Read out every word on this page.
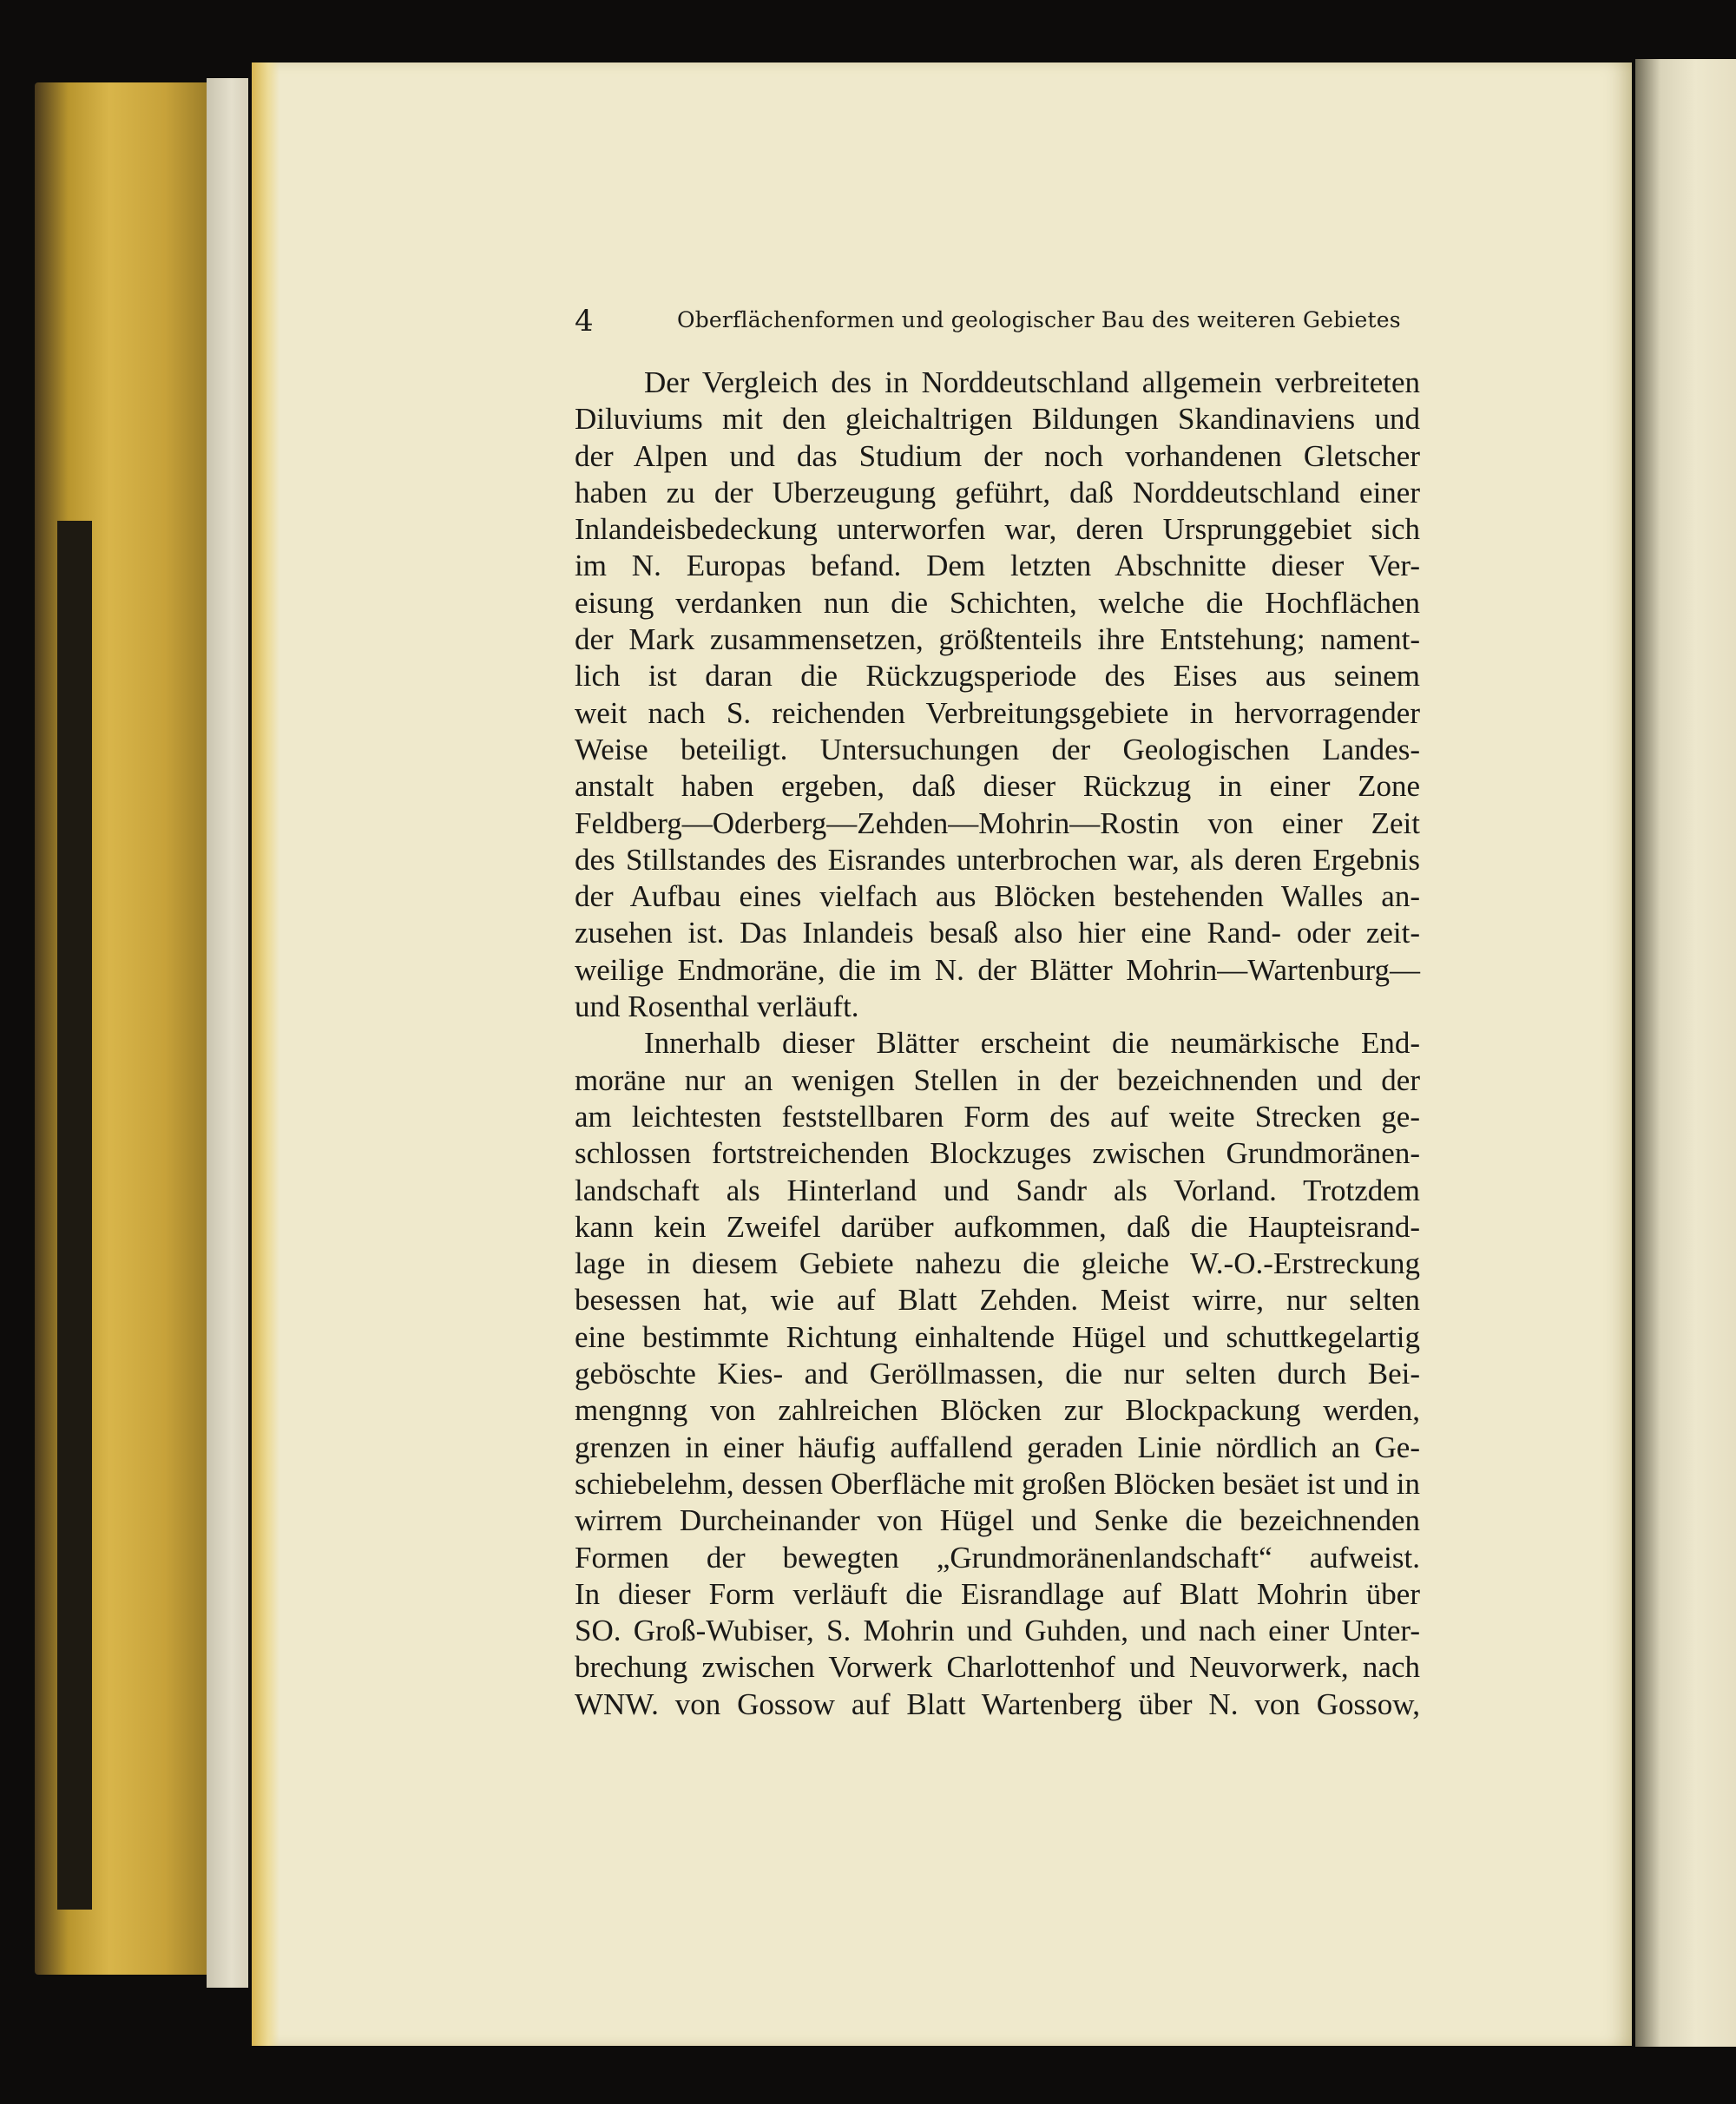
4	Oberflächenformen und geologischer Bau des weiteren Gebietes
Der Vergleich des in Norddeutschland allgemein verbreiteten
Diluviums mit den gleichaltrigen Bildungen Skandinaviens und
der Alpen und das Studium der noch vorhandenen Gletscher
haben zu der Uberzeugung geführt, daß Norddeutschland einer
Inlandeisbedeckung unterworfen war, deren Ursprunggebiet sich
im N. Europas befand. Dem letzten Abschnitte dieser Ver-
eisung verdanken nun die Schichten, welche die Hochflächen
der Mark zusammensetzen, größtenteils ihre Entstehung; nament-
lich ist daran die Rückzugsperiode des Eises aus seinem
weit nach S. reichenden Verbreitungsgebiete in hervorragender
Weise beteiligt. Untersuchungen der Geologischen Landes-
anstalt haben ergeben, daß dieser Rückzug in einer Zone
Feldberg—Oderberg—Zehden—Mohrin—Rostin von einer Zeit
des Stillstandes des Eisrandes unterbrochen war, als deren Ergebnis
der Aufbau eines vielfach aus Blöcken bestehenden Walles an-
zusehen ist. Das Inlandeis besaß also hier eine Rand- oder zeit-
weilige Endmoräne, die im N. der Blätter Mohrin—Wartenburg—
und Rosenthal verläuft.
Innerhalb dieser Blätter erscheint die neumärkische End-
moräne nur an wenigen Stellen in der bezeichnenden und der
am leichtesten feststellbaren Form des auf weite Strecken ge-
schlossen fortstreichenden Blockzuges zwischen Grundmoränen-
landschaft als Hinterland und Sandr als Vorland. Trotzdem
kann kein Zweifel darüber aufkommen, daß die Haupteisrand-
lage in diesem Gebiete nahezu die gleiche W.-O.-Erstreckung
besessen hat, wie auf Blatt Zehden. Meist wirre, nur selten
eine bestimmte Richtung einhaltende Hügel und schuttkegelartig
geböschte Kies- and Geröllmassen, die nur selten durch Bei-
mengnng von zahlreichen Blöcken zur Blockpackung werden,
grenzen in einer häufig auffallend geraden Linie nördlich an Ge-
schiebelehm, dessen Oberfläche mit großen Blöcken besäet ist und in
wirrem Durcheinander von Hügel und Senke die bezeichnenden
Formen der bewegten „Grundmoränenlandschaft“ aufweist.
In dieser Form verläuft die Eisrandlage auf Blatt Mohrin über
SO. Groß-Wubiser, S. Mohrin und Guhden, und nach einer Unter-
brechung zwischen Vorwerk Charlottenhof und Neuvorwerk, nach
WNW. von Gossow auf Blatt Wartenberg über N. von Gossow,
